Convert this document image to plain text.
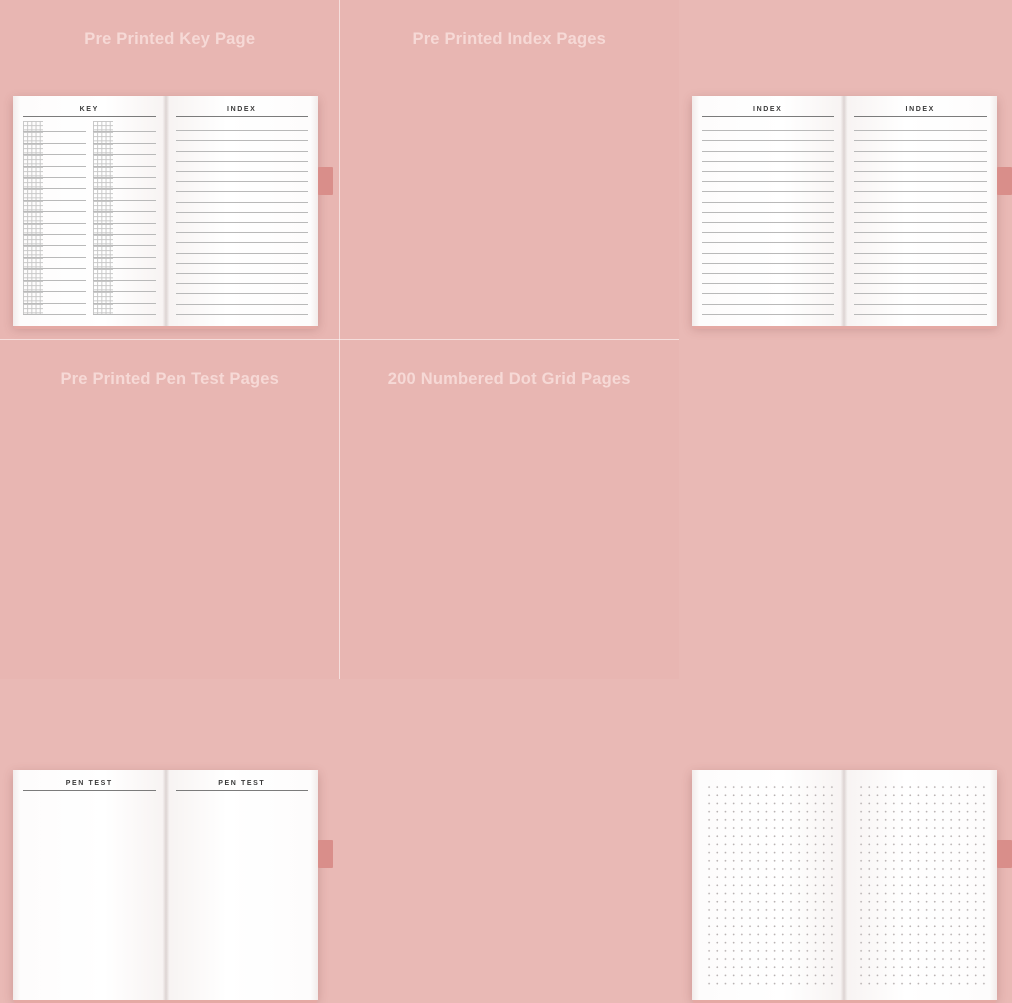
Pre Printed Key Page
KEY	INDEX
Pre Printed Index Pages
INDEX	INDEX
Pre Printed Pen Test Pages
PEN TEST	PEN TEST
200 Numbered Dot Grid Pages
